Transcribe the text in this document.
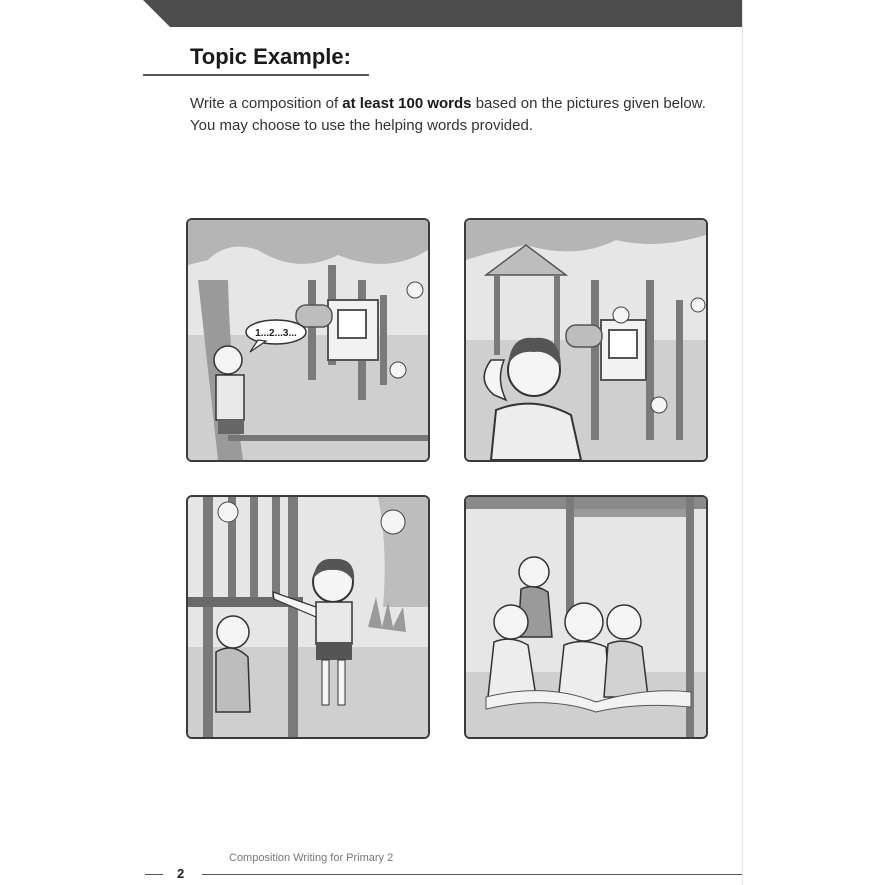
Topic Example:

Write a composition of at least 100 words based on the pictures given below. You may choose to use the helping words provided.

1...2...3...
Composition Writing for Primary 2
2
